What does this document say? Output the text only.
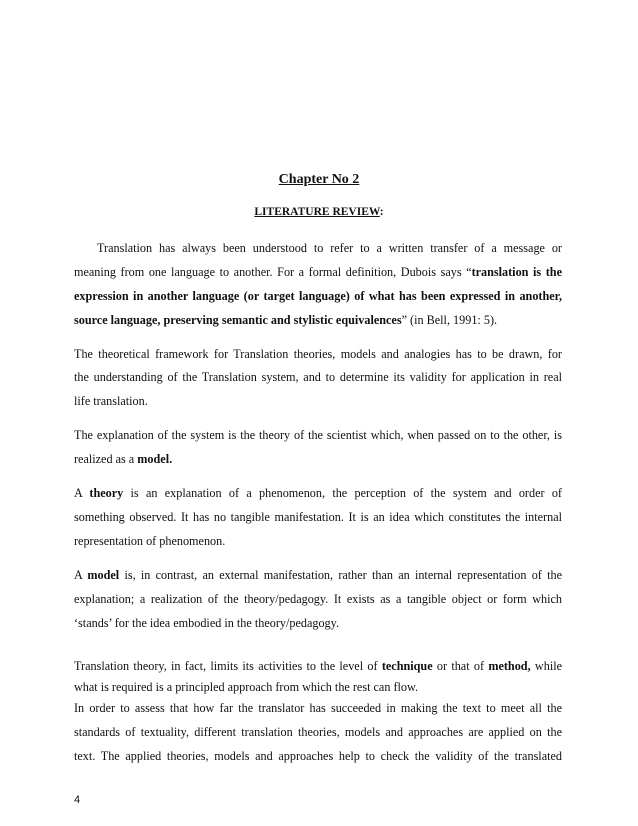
Chapter No 2
LITERATURE REVIEW:
Translation has always been understood to refer to a written transfer of a message or
meaning from one language to another. For a formal definition, Dubois says “translation is the
expression in another language (or target language) of what has been expressed in another,
source language, preserving semantic and stylistic equivalences” (in Bell, 1991: 5).
The theoretical framework for Translation theories, models and analogies has to be drawn, for
the understanding of the Translation system, and to determine its validity for application in real
life translation.
The explanation of the system is the theory of the scientist which, when passed on to the other, is
realized as a model.
A theory is an explanation of a phenomenon, the perception of the system and order of
something observed. It has no tangible manifestation. It is an idea which constitutes the internal
representation of phenomenon.
A model is, in contrast, an external manifestation, rather than an internal representation of the
explanation; a realization of the theory/pedagogy. It exists as a tangible object or form which
‘stands’ for the idea embodied in the theory/pedagogy.
Translation theory, in fact, limits its activities to the level of technique or that of method, while
what is required is a principled approach from which the rest can flow.
In order to assess that how far the translator has succeeded in making the text to meet all the
standards of textuality, different translation theories, models and approaches are applied on the
text. The applied theories, models and approaches help to check the validity of the translated
4
